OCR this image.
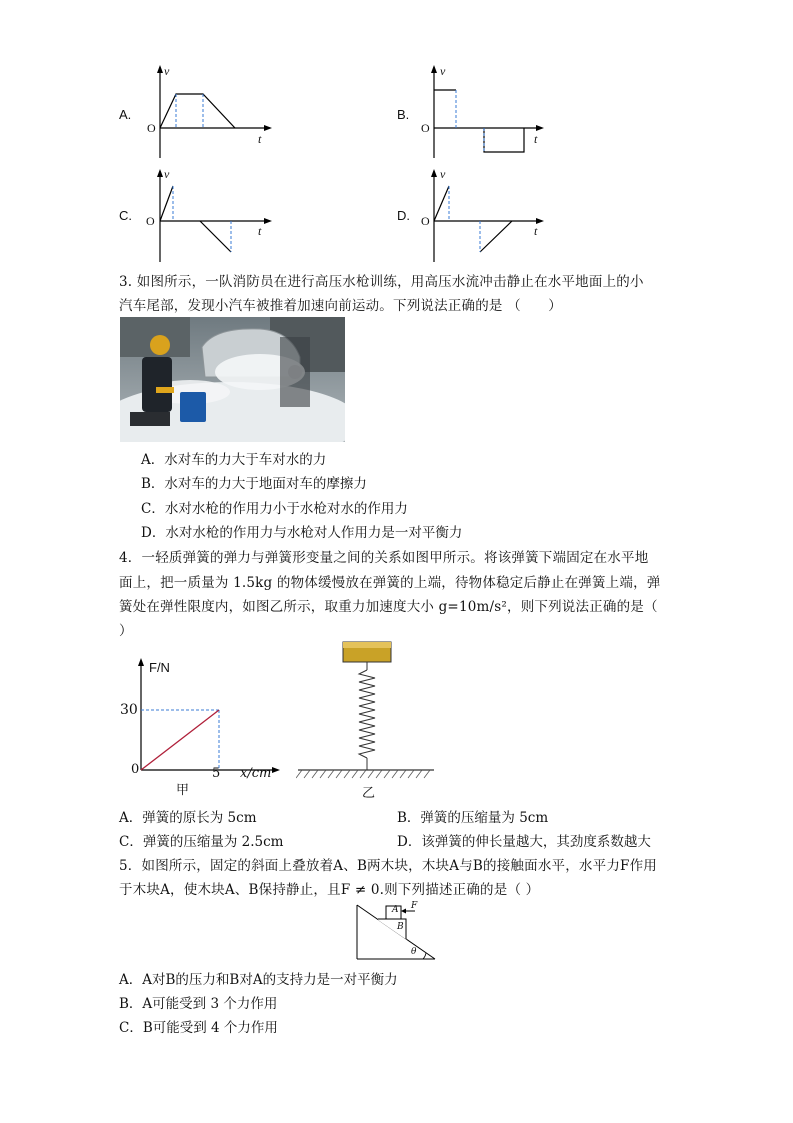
A.
v
t
O
B.
v
t
O
C.
v
t
O	D.
v
t
O
3. 如图所示，一队消防员在进行高压水枪训练，用高压水流冲击静止在水平地面上的小
汽车尾部，发现小汽车被推着加速向前运动。下列说法正确的是 （　　）
A．水对车的力大于车对水的力
B．水对车的力大于地面对车的摩擦力
C．水对水枪的作用力小于水枪对水的作用力
D．水对水枪的作用力与水枪对人作用力是一对平衡力
4．一轻质弹簧的弹力与弹簧形变量之间的关系如图甲所示。将该弹簧下端固定在水平地
面上，把一质量为 1.5kg 的物体缓慢放在弹簧的上端，待物体稳定后静止在弹簧上端，弹
簧处在弹性限度内，如图乙所示，取重力加速度大小 g=10m/s²，则下列说法正确的是（
）
F/N
30
0	5 x/cm
甲	乙
A．弹簧的原长为 5cm	B．弹簧的压缩量为 5cm
C．弹簧的压缩量为 2.5cm	D．该弹簧的伸长量越大，其劲度系数越大
5．如图所示，固定的斜面上叠放着A、B两木块，木块A与B的接触面水平，水平力F作用
于木块A，使木块A、B保持静止，且F ≠ 0.则下列描述正确的是（ ）
A
B
F
θ
A．A对B的压力和B对A的支持力是一对平衡力
B．A可能受到 3 个力作用
C．B可能受到 4 个力作用
